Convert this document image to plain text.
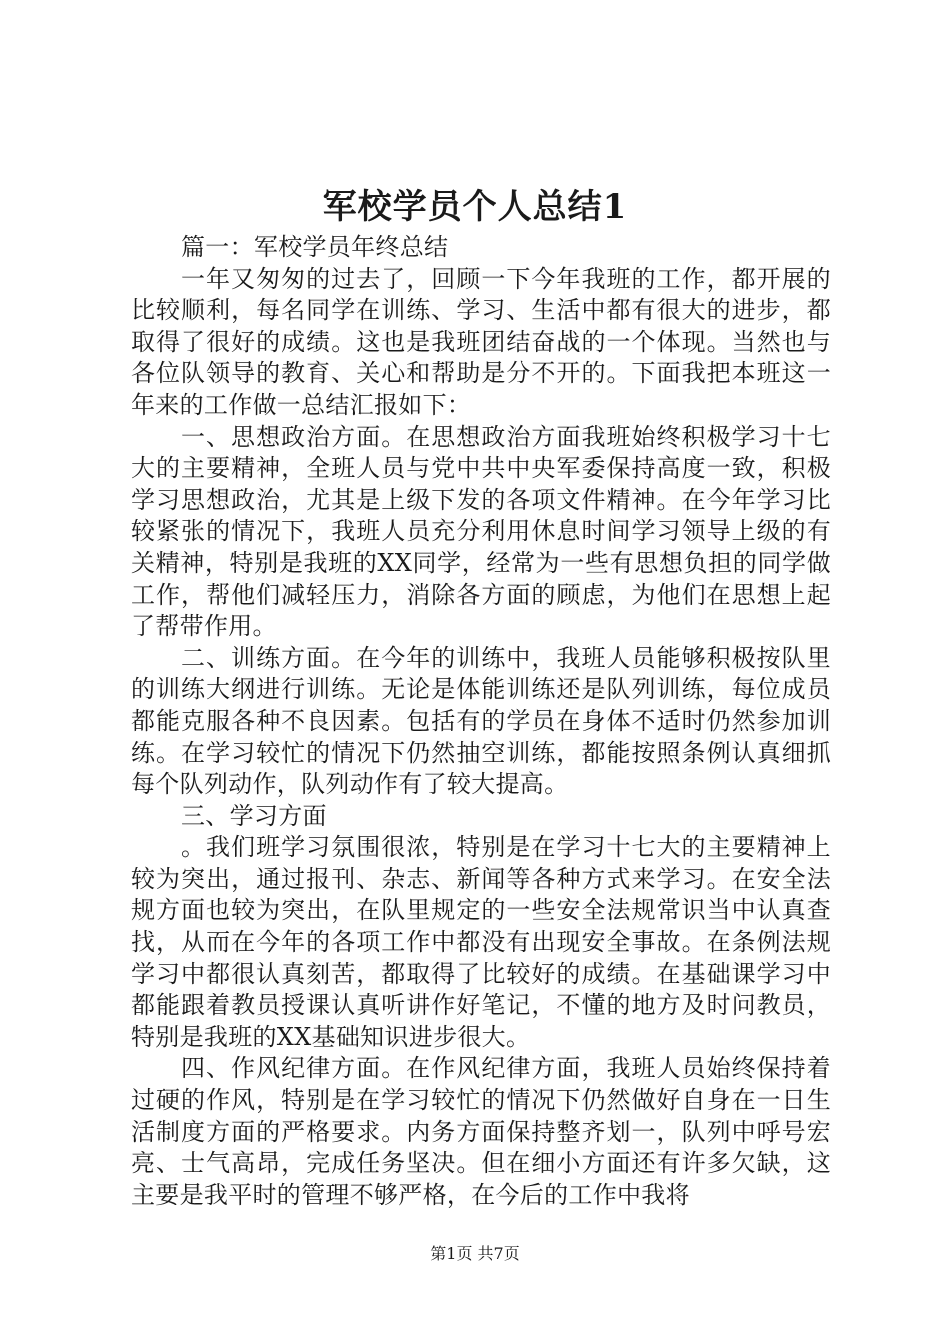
军校学员个人总结1

篇一：军校学员年终总结

一年又匆匆的过去了，回顾一下今年我班的工作，都开展的比较顺利，每名同学在训练、学习、生活中都有很大的进步，都取得了很好的成绩。这也是我班团结奋战的一个体现。当然也与各位队领导的教育、关心和帮助是分不开的。下面我把本班这一年来的工作做一总结汇报如下：

一、思想政治方面。在思想政治方面我班始终积极学习十七大的主要精神，全班人员与党中共中央军委保持高度一致，积极学习思想政治，尤其是上级下发的各项文件精神。在今年学习比较紧张的情况下，我班人员充分利用休息时间学习领导上级的有关精神，特别是我班的XX同学，经常为一些有思想负担的同学做工作，帮他们减轻压力，消除各方面的顾虑，为他们在思想上起了帮带作用。

二、训练方面。在今年的训练中，我班人员能够积极按队里的训练大纲进行训练。无论是体能训练还是队列训练，每位成员都能克服各种不良因素。包括有的学员在身体不适时仍然参加训练。在学习较忙的情况下仍然抽空训练，都能按照条例认真细抓每个队列动作，队列动作有了较大提高。

三、学习方面

。我们班学习氛围很浓，特别是在学习十七大的主要精神上较为突出，通过报刊、杂志、新闻等各种方式来学习。在安全法规方面也较为突出，在队里规定的一些安全法规常识当中认真查找，从而在今年的各项工作中都没有出现安全事故。在条例法规学习中都很认真刻苦，都取得了比较好的成绩。在基础课学习中都能跟着教员授课认真听讲作好笔记，不懂的地方及时问教员，特别是我班的XX基础知识进步很大。

四、作风纪律方面。在作风纪律方面，我班人员始终保持着过硬的作风，特别是在学习较忙的情况下仍然做好自身在一日生活制度方面的严格要求。内务方面保持整齐划一，队列中呼号宏亮、士气高昂，完成任务坚决。但在细小方面还有许多欠缺，这主要是我平时的管理不够严格，在今后的工作中我将

第1页 共7页
